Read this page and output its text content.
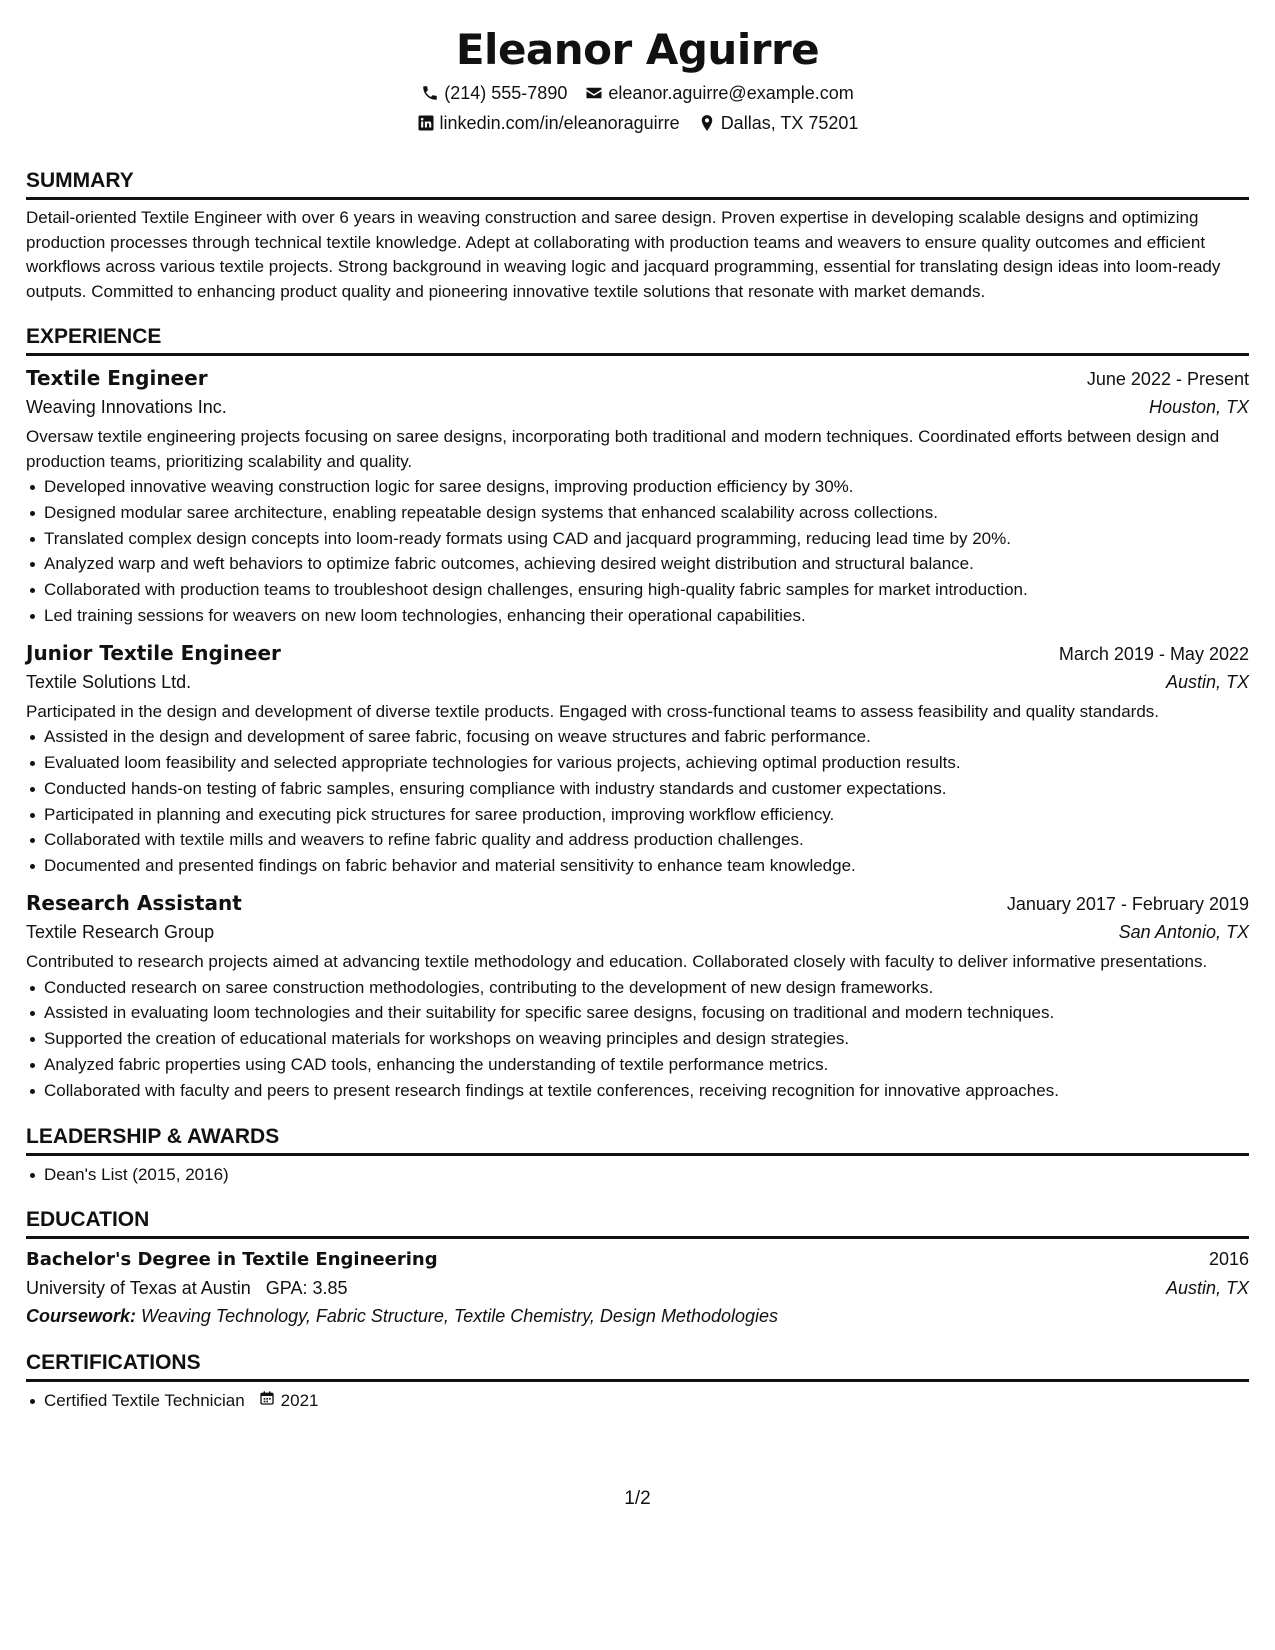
Eleanor Aguirre
(214) 555-7890 eleanor.aguirre@example.com
linkedin.com/in/eleanoraguirre Dallas, TX 75201
SUMMARY

Detail-oriented Textile Engineer with over 6 years in weaving construction and saree design. Proven expertise in developing scalable designs and optimizing production processes through technical textile knowledge. Adept at collaborating with production teams and weavers to ensure quality outcomes and efficient workflows across various textile projects. Strong background in weaving logic and jacquard programming, essential for translating design ideas into loom-ready outputs. Committed to enhancing product quality and pioneering innovative textile solutions that resonate with market demands.

EXPERIENCE
Textile Engineer	June 2022 - Present
Weaving Innovations Inc.	Houston, TX

Oversaw textile engineering projects focusing on saree designs, incorporating both traditional and modern techniques. Coordinated efforts between design and production teams, prioritizing scalability and quality.

Developed innovative weaving construction logic for saree designs, improving production efficiency by 30%.
Designed modular saree architecture, enabling repeatable design systems that enhanced scalability across collections.
Translated complex design concepts into loom-ready formats using CAD and jacquard programming, reducing lead time by 20%.
Analyzed warp and weft behaviors to optimize fabric outcomes, achieving desired weight distribution and structural balance.
Collaborated with production teams to troubleshoot design challenges, ensuring high-quality fabric samples for market introduction.
Led training sessions for weavers on new loom technologies, enhancing their operational capabilities.
Junior Textile Engineer	March 2019 - May 2022
Textile Solutions Ltd.	Austin, TX

Participated in the design and development of diverse textile products. Engaged with cross-functional teams to assess feasibility and quality standards.

Assisted in the design and development of saree fabric, focusing on weave structures and fabric performance.
Evaluated loom feasibility and selected appropriate technologies for various projects, achieving optimal production results.
Conducted hands-on testing of fabric samples, ensuring compliance with industry standards and customer expectations.
Participated in planning and executing pick structures for saree production, improving workflow efficiency.
Collaborated with textile mills and weavers to refine fabric quality and address production challenges.
Documented and presented findings on fabric behavior and material sensitivity to enhance team knowledge.
Research Assistant	January 2017 - February 2019
Textile Research Group	San Antonio, TX

Contributed to research projects aimed at advancing textile methodology and education. Collaborated closely with faculty to deliver informative presentations.

Conducted research on saree construction methodologies, contributing to the development of new design frameworks.
Assisted in evaluating loom technologies and their suitability for specific saree designs, focusing on traditional and modern techniques.
Supported the creation of educational materials for workshops on weaving principles and design strategies.
Analyzed fabric properties using CAD tools, enhancing the understanding of textile performance metrics.
Collaborated with faculty and peers to present research findings at textile conferences, receiving recognition for innovative approaches.
LEADERSHIP & AWARDS
Dean's List (2015, 2016)
EDUCATION
Bachelor's Degree in Textile Engineering	2016
University of Texas at Austin GPA: 3.85	Austin, TX
Coursework: Weaving Technology, Fabric Structure, Textile Chemistry, Design Methodologies
CERTIFICATIONS
Certified Textile Technician 2021
1/2
